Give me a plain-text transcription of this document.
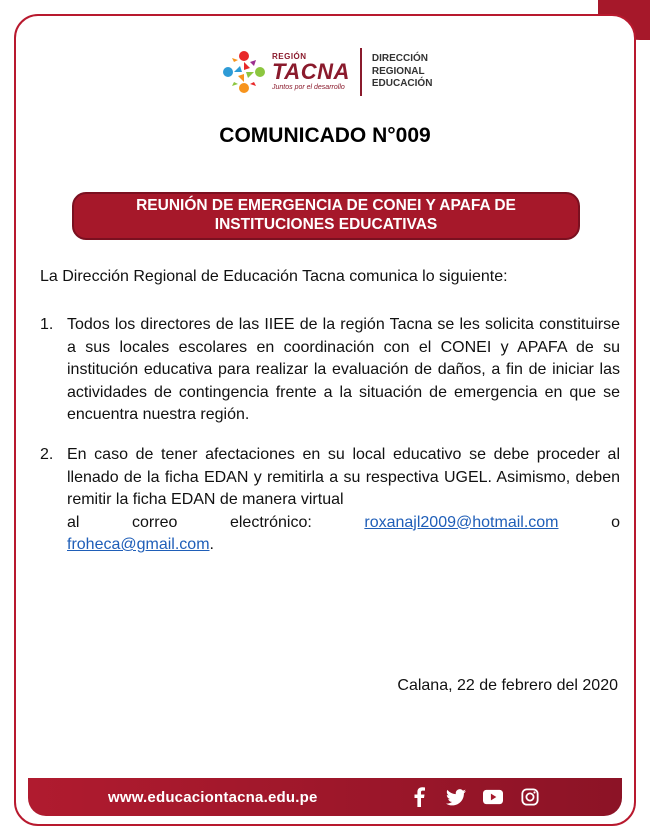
REGIÓN
TACNA
Juntos por el desarrollo
DIRECCIÓN
REGIONAL
EDUCACIÓN
COMUNICADO N°009
REUNIÓN DE EMERGENCIA DE CONEI Y APAFA DE
INSTITUCIONES EDUCATIVAS
La Dirección Regional de Educación Tacna comunica lo siguiente:
1. Todos los directores de las IIEE de la región Tacna se les solicita constituirse a sus locales escolares en coordinación con el CONEI y APAFA de su institución educativa para realizar la evaluación de daños, a fin de iniciar las actividades de contingencia frente a la situación de emergencia en que se encuentra nuestra región.
2. En caso de tener afectaciones en su local educativo se debe proceder al llenado de la ficha EDAN y remitirla a su respectiva UGEL. Asimismo, deben remitir la ficha EDAN de manera virtual
al	correo	electrónico:	roxanajl2009@hotmail.com	o
froheca@gmail.com.
Calana, 22 de febrero del 2020
www.educaciontacna.edu.pe
